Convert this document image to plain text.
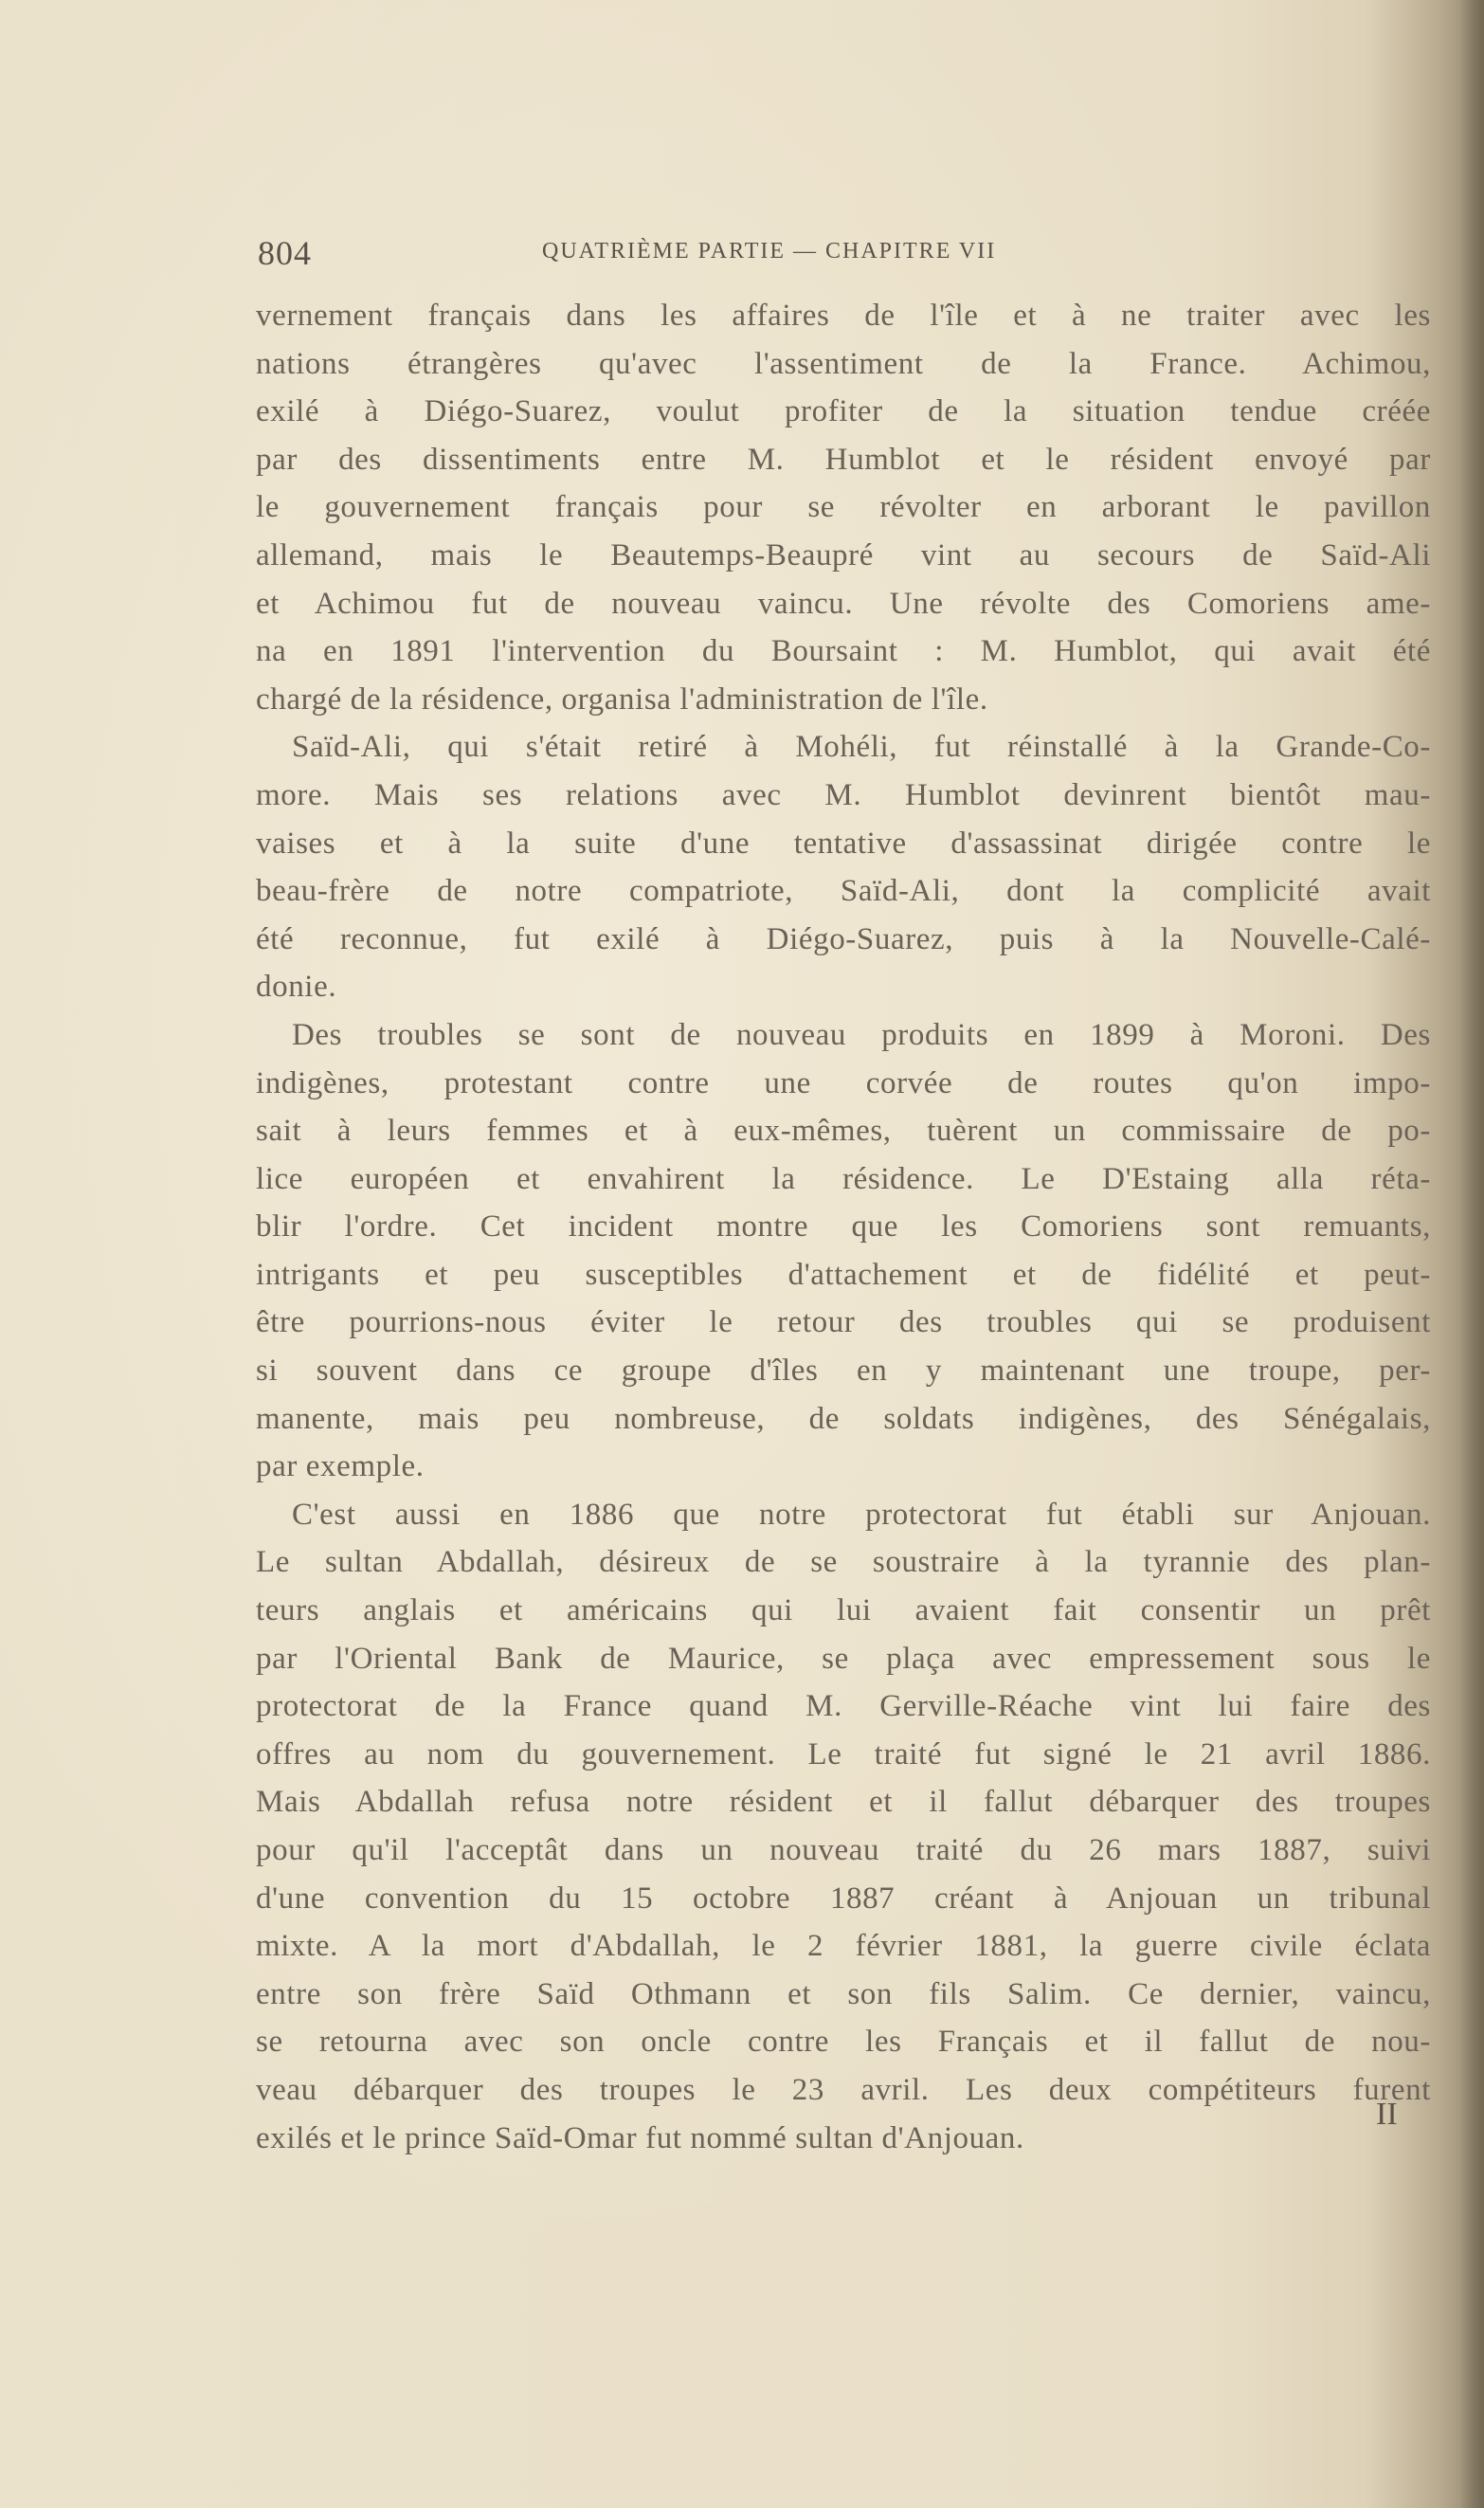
804	QUATRIÈME PARTIE — CHAPITRE VII
vernement français dans les affaires de l'île et à ne traiter avec les
nations étrangères qu'avec l'assentiment de la France. Achimou,
exilé à Diégo-Suarez, voulut profiter de la situation tendue créée
par des dissentiments entre M. Humblot et le résident envoyé par
le gouvernement français pour se révolter en arborant le pavillon
allemand, mais le Beautemps-Beaupré vint au secours de Saïd-Ali
et Achimou fut de nouveau vaincu. Une révolte des Comoriens ame-
na en 1891 l'intervention du Boursaint : M. Humblot, qui avait été
chargé de la résidence, organisa l'administration de l'île.
Saïd-Ali, qui s'était retiré à Mohéli, fut réinstallé à la Grande-Co-
more. Mais ses relations avec M. Humblot devinrent bientôt mau-
vaises et à la suite d'une tentative d'assassinat dirigée contre le
beau-frère de notre compatriote, Saïd-Ali, dont la complicité avait
été reconnue, fut exilé à Diégo-Suarez, puis à la Nouvelle-Calé-
donie.
Des troubles se sont de nouveau produits en 1899 à Moroni. Des
indigènes, protestant contre une corvée de routes qu'on impo-
sait à leurs femmes et à eux-mêmes, tuèrent un commissaire de po-
lice européen et envahirent la résidence. Le D'Estaing alla réta-
blir l'ordre. Cet incident montre que les Comoriens sont remuants,
intrigants et peu susceptibles d'attachement et de fidélité et peut-
être pourrions-nous éviter le retour des troubles qui se produisent
si souvent dans ce groupe d'îles en y maintenant une troupe, per-
manente, mais peu nombreuse, de soldats indigènes, des Sénégalais,
par exemple.
C'est aussi en 1886 que notre protectorat fut établi sur Anjouan.
Le sultan Abdallah, désireux de se soustraire à la tyrannie des plan-
teurs anglais et américains qui lui avaient fait consentir un prêt
par l'Oriental Bank de Maurice, se plaça avec empressement sous le
protectorat de la France quand M. Gerville-Réache vint lui faire des
offres au nom du gouvernement. Le traité fut signé le 21 avril 1886.
Mais Abdallah refusa notre résident et il fallut débarquer des troupes
pour qu'il l'acceptât dans un nouveau traité du 26 mars 1887, suivi
d'une convention du 15 octobre 1887 créant à Anjouan un tribunal
mixte. A la mort d'Abdallah, le 2 février 1881, la guerre civile éclata
entre son frère Saïd Othmann et son fils Salim. Ce dernier, vaincu,
se retourna avec son oncle contre les Français et il fallut de nou-
veau débarquer des troupes le 23 avril. Les deux compétiteurs furent
exilés et le prince Saïd-Omar fut nommé sultan d'Anjouan.
II
